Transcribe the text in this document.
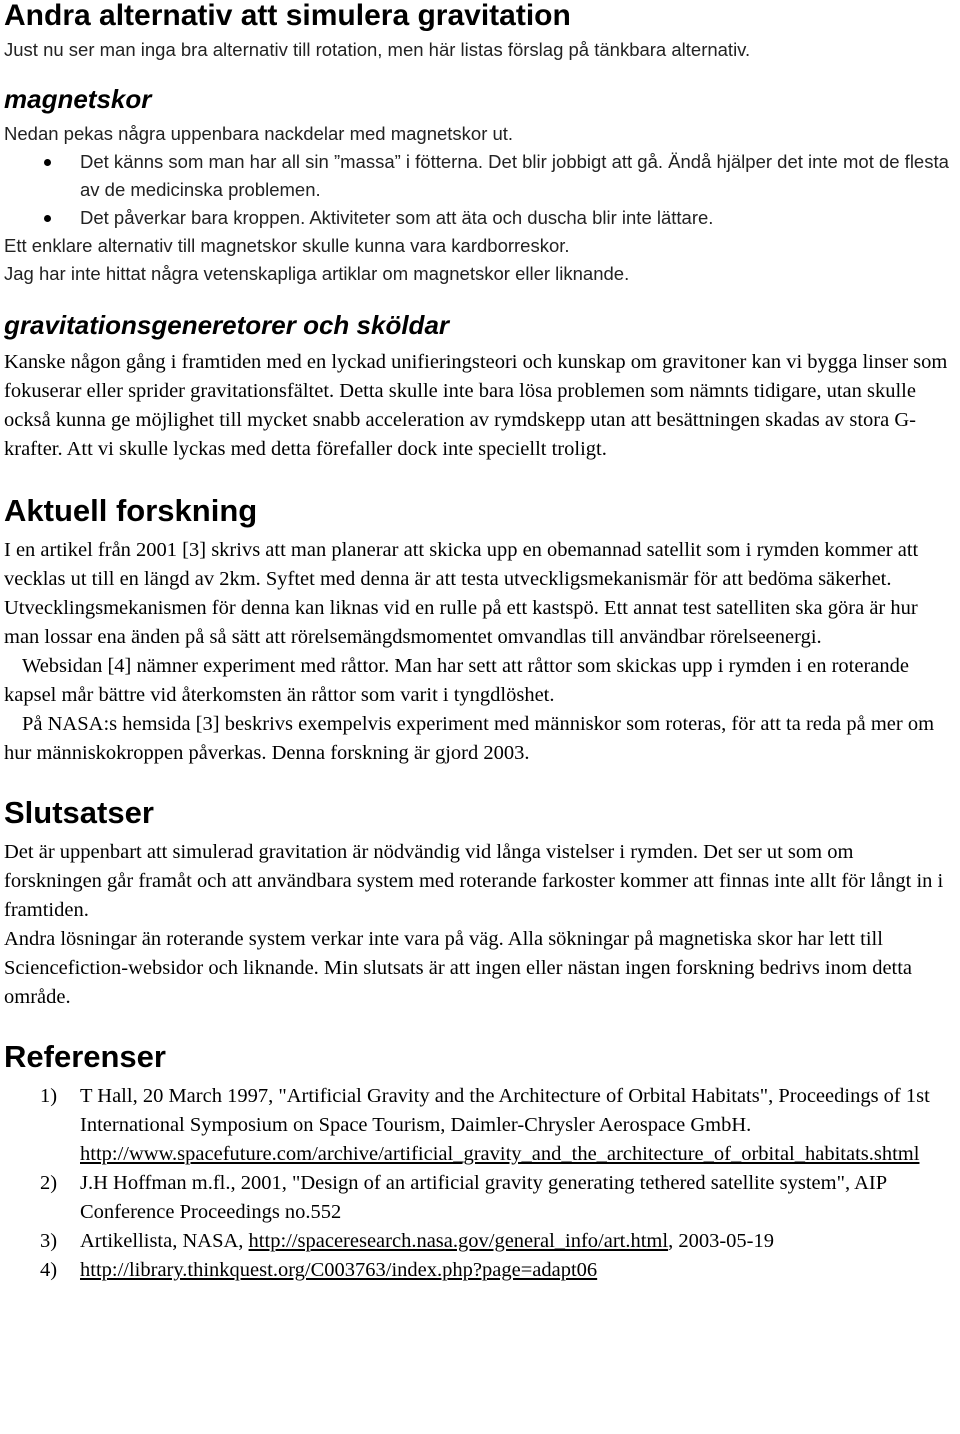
Andra alternativ att simulera gravitation

Just nu ser man inga bra alternativ till rotation, men här listas förslag på tänkbara alternativ.

magnetskor

Nedan pekas några uppenbara nackdelar med magnetskor ut.

Det känns som man har all sin ”massa” i fötterna. Det blir jobbigt att gå. Ändå hjälper det inte mot de flesta av de medicinska problemen.
Det påverkar bara kroppen. Aktiviteter som att äta och duscha blir inte lättare.

Ett enklare alternativ till magnetskor skulle kunna vara kardborreskor.

Jag har inte hittat några vetenskapliga artiklar om magnetskor eller liknande.

gravitationsgeneretorer och sköldar

Kanske någon gång i framtiden med en lyckad unifieringsteori och kunskap om gravitoner kan vi bygga linser som fokuserar eller sprider gravitationsfältet. Detta skulle inte bara lösa problemen som nämnts tidigare, utan skulle också kunna ge möjlighet till mycket snabb acceleration av rymdskepp utan att besättningen skadas av stora G-krafter. Att vi skulle lyckas med detta förefaller dock inte speciellt troligt.

Aktuell forskning

I en artikel från 2001 [3] skrivs att man planerar att skicka upp en obemannad satellit som i rymden kommer att vecklas ut till en längd av 2km. Syftet med denna är att testa utveckligsmekanismär för att bedöma säkerhet. Utvecklingsmekanismen för denna kan liknas vid en rulle på ett kastspö. Ett annat test satelliten ska göra är hur man lossar ena änden på så sätt att rörelsemängdsmomentet omvandlas till användbar rörelseenergi.

Websidan [4] nämner experiment med råttor. Man har sett att råttor som skickas upp i rymden i en roterande kapsel mår bättre vid återkomsten än råttor som varit i tyngdlöshet.

På NASA:s hemsida [3] beskrivs exempelvis experiment med människor som roteras, för att ta reda på mer om hur människokroppen påverkas. Denna forskning är gjord 2003.

Slutsatser

Det är uppenbart att simulerad gravitation är nödvändig vid långa vistelser i rymden. Det ser ut som om forskningen går framåt och att användbara system med roterande farkoster kommer att finnas inte allt för långt in i framtiden.

Andra lösningar än roterande system verkar inte vara på väg. Alla sökningar på magnetiska skor har lett till Sciencefiction-websidor och liknande. Min slutsats är att ingen eller nästan ingen forskning bedrivs inom detta område.

Referenser
1) T Hall, 20 March 1997, "Artificial Gravity and the Architecture of Orbital Habitats", Proceedings of 1st International Symposium on Space Tourism, Daimler-Chrysler Aerospace GmbH.
http://www.spacefuture.com/archive/artificial_gravity_and_the_architecture_of_orbital_habitats.shtml
2) J.H Hoffman m.fl., 2001, "Design of an artificial gravity generating tethered satellite system", AIP Conference Proceedings no.552
3) Artikellista, NASA, http://spaceresearch.nasa.gov/general_info/art.html, 2003-05-19
4) http://library.thinkquest.org/C003763/index.php?page=adapt06
